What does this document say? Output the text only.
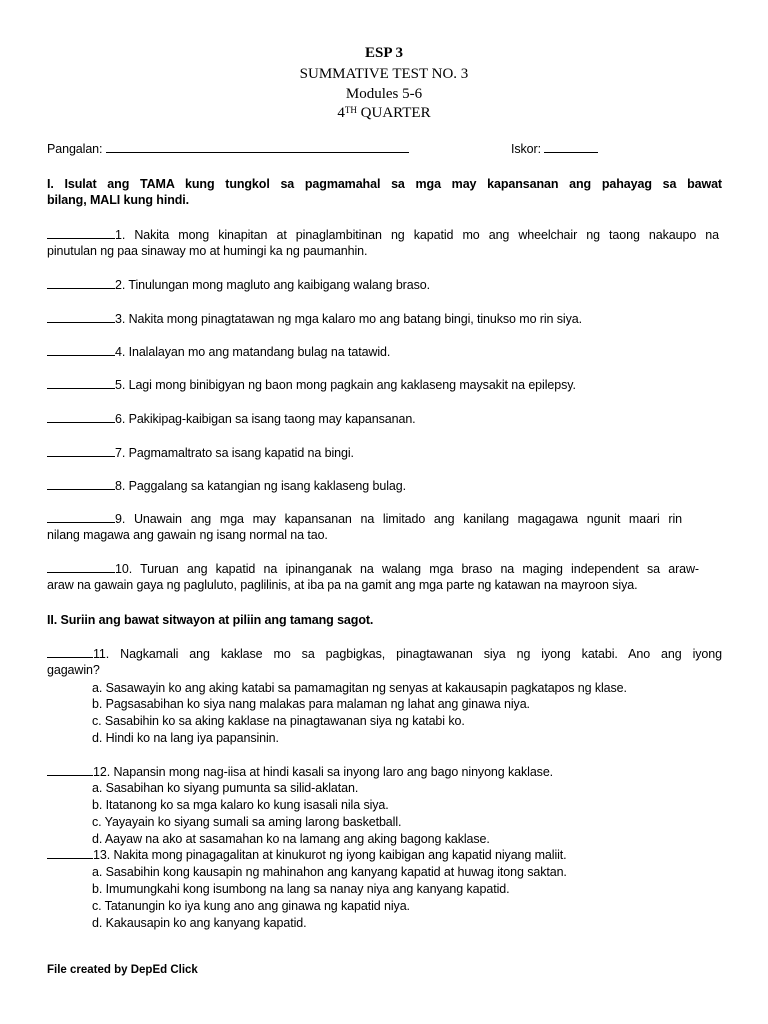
ESP 3
SUMMATIVE TEST NO. 3
Modules 5-6
4TH QUARTER
Pangalan:	Iskor:
I. Isulat ang TAMA kung tungkol sa pagmamahal sa mga may kapansanan ang pahayag sa bawat
bilang, MALI kung hindi.
1. Nakita mong kinapitan at pinaglambitinan ng kapatid mo ang wheelchair ng taong nakaupo na
pinutulan ng paa sinaway mo at humingi ka ng paumanhin.
2. Tinulungan mong magluto ang kaibigang walang braso.
3. Nakita mong pinagtatawan ng mga kalaro mo ang batang bingi, tinukso mo rin siya.
4. Inalalayan mo ang matandang bulag na tatawid.
5. Lagi mong binibigyan ng baon mong pagkain ang kaklaseng maysakit na epilepsy.
6. Pakikipag-kaibigan sa isang taong may kapansanan.
7. Pagmamaltrato sa isang kapatid na bingi.
8. Paggalang sa katangian ng isang kaklaseng bulag.
9. Unawain ang mga may kapansanan na limitado ang kanilang magagawa ngunit maari rin
nilang magawa ang gawain ng isang normal na tao.
10. Turuan ang kapatid na ipinanganak na walang mga braso na maging independent sa araw-
araw na gawain gaya ng pagluluto, paglilinis, at iba pa na gamit ang mga parte ng katawan na mayroon siya.
II. Suriin ang bawat sitwayon at piliin ang tamang sagot.
11. Nagkamali ang kaklase mo sa pagbigkas, pinagtawanan siya ng iyong katabi. Ano ang iyong
gagawin?
a. Sasawayin ko ang aking katabi sa pamamagitan ng senyas at kakausapin pagkatapos ng klase.
b. Pagsasabihan ko siya nang malakas para malaman ng lahat ang ginawa niya.
c. Sasabihin ko sa aking kaklase na pinagtawanan siya ng katabi ko.
d. Hindi ko na lang iya papansinin.
12. Napansin mong nag-iisa at hindi kasali sa inyong laro ang bago ninyong kaklase.
a. Sasabihan ko siyang pumunta sa silid-aklatan.
b. Itatanong ko sa mga kalaro ko kung isasali nila siya.
c. Yayayain ko siyang sumali sa aming larong basketball.
d. Aayaw na ako at sasamahan ko na lamang ang aking bagong kaklase.
13. Nakita mong pinagagalitan at kinukurot ng iyong kaibigan ang kapatid niyang maliit.
a. Sasabihin kong kausapin ng mahinahon ang kanyang kapatid at huwag itong saktan.
b. Imumungkahi kong isumbong na lang sa nanay niya ang kanyang kapatid.
c. Tatanungin ko iya kung ano ang ginawa ng kapatid niya.
d. Kakausapin ko ang kanyang kapatid.
File created by DepEd Click
